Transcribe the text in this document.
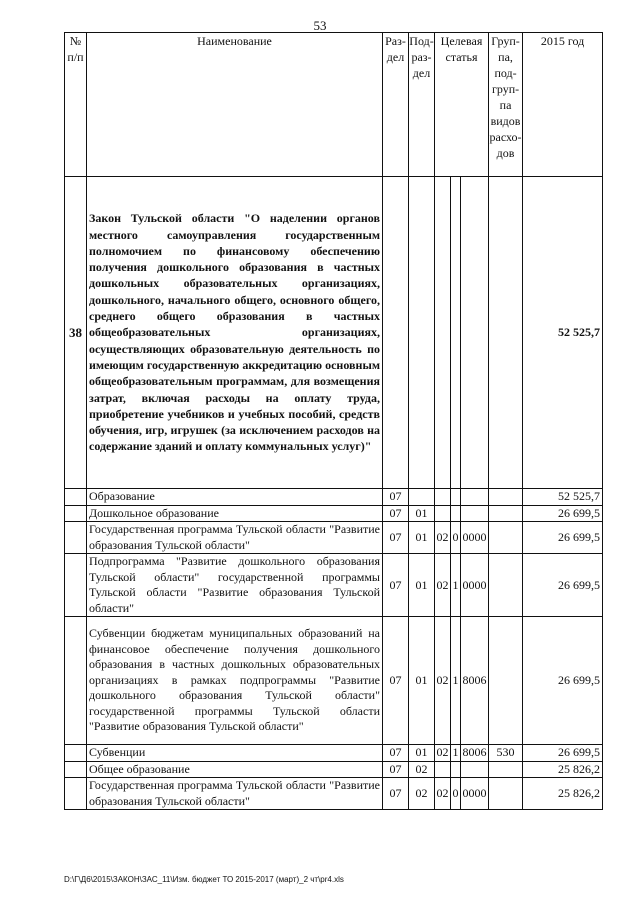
53
№ п/п	Наименование	Раз-дел	Под-раз-дел	Целевая статья			Груп-па, под-груп-па видов расхо-дов	2015 год
38	Закон Тульской области "О наделении органов местного самоуправления государственным полномочием по финансовому обеспечению получения дошкольного образования в частных дошкольных образовательных организациях, дошкольного, начального общего, основного общего, среднего общего образования в частных общеобразовательных организациях, осуществляющих образовательную деятельность по имеющим государственную аккредитацию основным общеобразовательным программам, для возмещения затрат, включая расходы на оплату труда, приобретение учебников и учебных пособий, средств обучения, игр, игрушек (за исключением расходов на содержание зданий и оплату коммунальных услуг)"							52 525,7
	Образование	07						52 525,7
	Дошкольное образование	07	01					26 699,5
	Государственная программа Тульской области "Развитие образования Тульской области"	07	01	02	0	0000		26 699,5
	Подпрограмма "Развитие дошкольного образования Тульской области" государственной программы Тульской области "Развитие образования Тульской области"	07	01	02	1	0000		26 699,5
	Субвенции бюджетам муниципальных образований на финансовое обеспечение получения дошкольного образования в частных дошкольных образовательных организациях в рамках подпрограммы "Развитие дошкольного образования Тульской области" государственной программы Тульской области "Развитие образования Тульской области"	07	01	02	1	8006		26 699,5
	Субвенции	07	01	02	1	8006	530	26 699,5
	Общее образование	07	02					25 826,2
	Государственная программа Тульской области "Развитие образования Тульской области"	07	02	02	0	0000		25 826,2
D:\Г\Д6\2015\ЗАКОН\ЗАС_11\Изм. бюджет ТО 2015-2017 (март)_2 чт\pr4.xls
